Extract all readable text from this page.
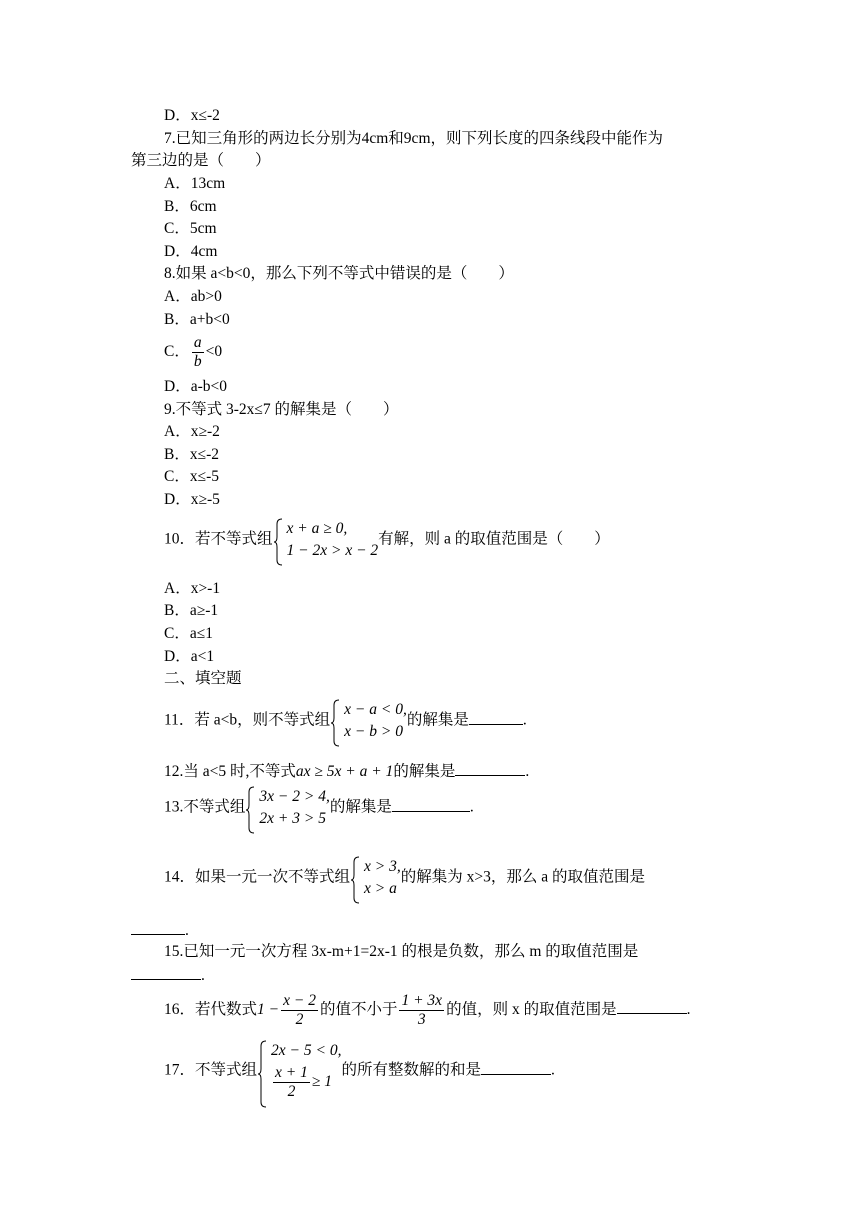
D．x≤-2
7.已知三角形的两边长分别为4cm和9cm，则下列长度的四条线段中能作为
第三边的是（　　）
A．13cm
B．6cm
C．5cm
D．4cm
8.如果 a<b<0，那么下列不等式中错误的是（　　）
A．ab>0
B．a+b<0
C． $\frac{a}{b} <0$
D．a-b<0
9.不等式 3-2x≤7 的解集是（　　）
A．x≥-2
B．x≤-2
C．x≤-5
D．x≥-5
10．若不等式组
x + a ≥ 0,
1 − 2x > x − 2
有解，则 a 的取值范围是（　　）
A．x>-1
B．a≥-1
C．a≤1
D．a<1
二、填空题
11．若 a<b，则不等式组
x − a < 0,
x − b > 0
的解集是	.
12.当 a<5 时,不等式ax ≥ 5x + a + 1的解集是	.
13.不等式组
3x − 2 > 4,
2x + 3 > 5
的解集是	.
14．如果一元一次不等式组
x > 3,
x > a
的解集为 x>3，那么 a 的取值范围是
.
15.已知一元一次方程 3x-m+1=2x-1 的根是负数，那么 m 的取值范围是
.
16．若代数式$1 - \frac{x - 2}{2}$ 的值不小于 $\frac{1 + 3x}{3}$ 的值，则 x 的取值范围是	.
17．不等式组
2x − 5 < 0,
$\frac{x + 1}{2} \ge 1$
的所有整数解的和是	.
